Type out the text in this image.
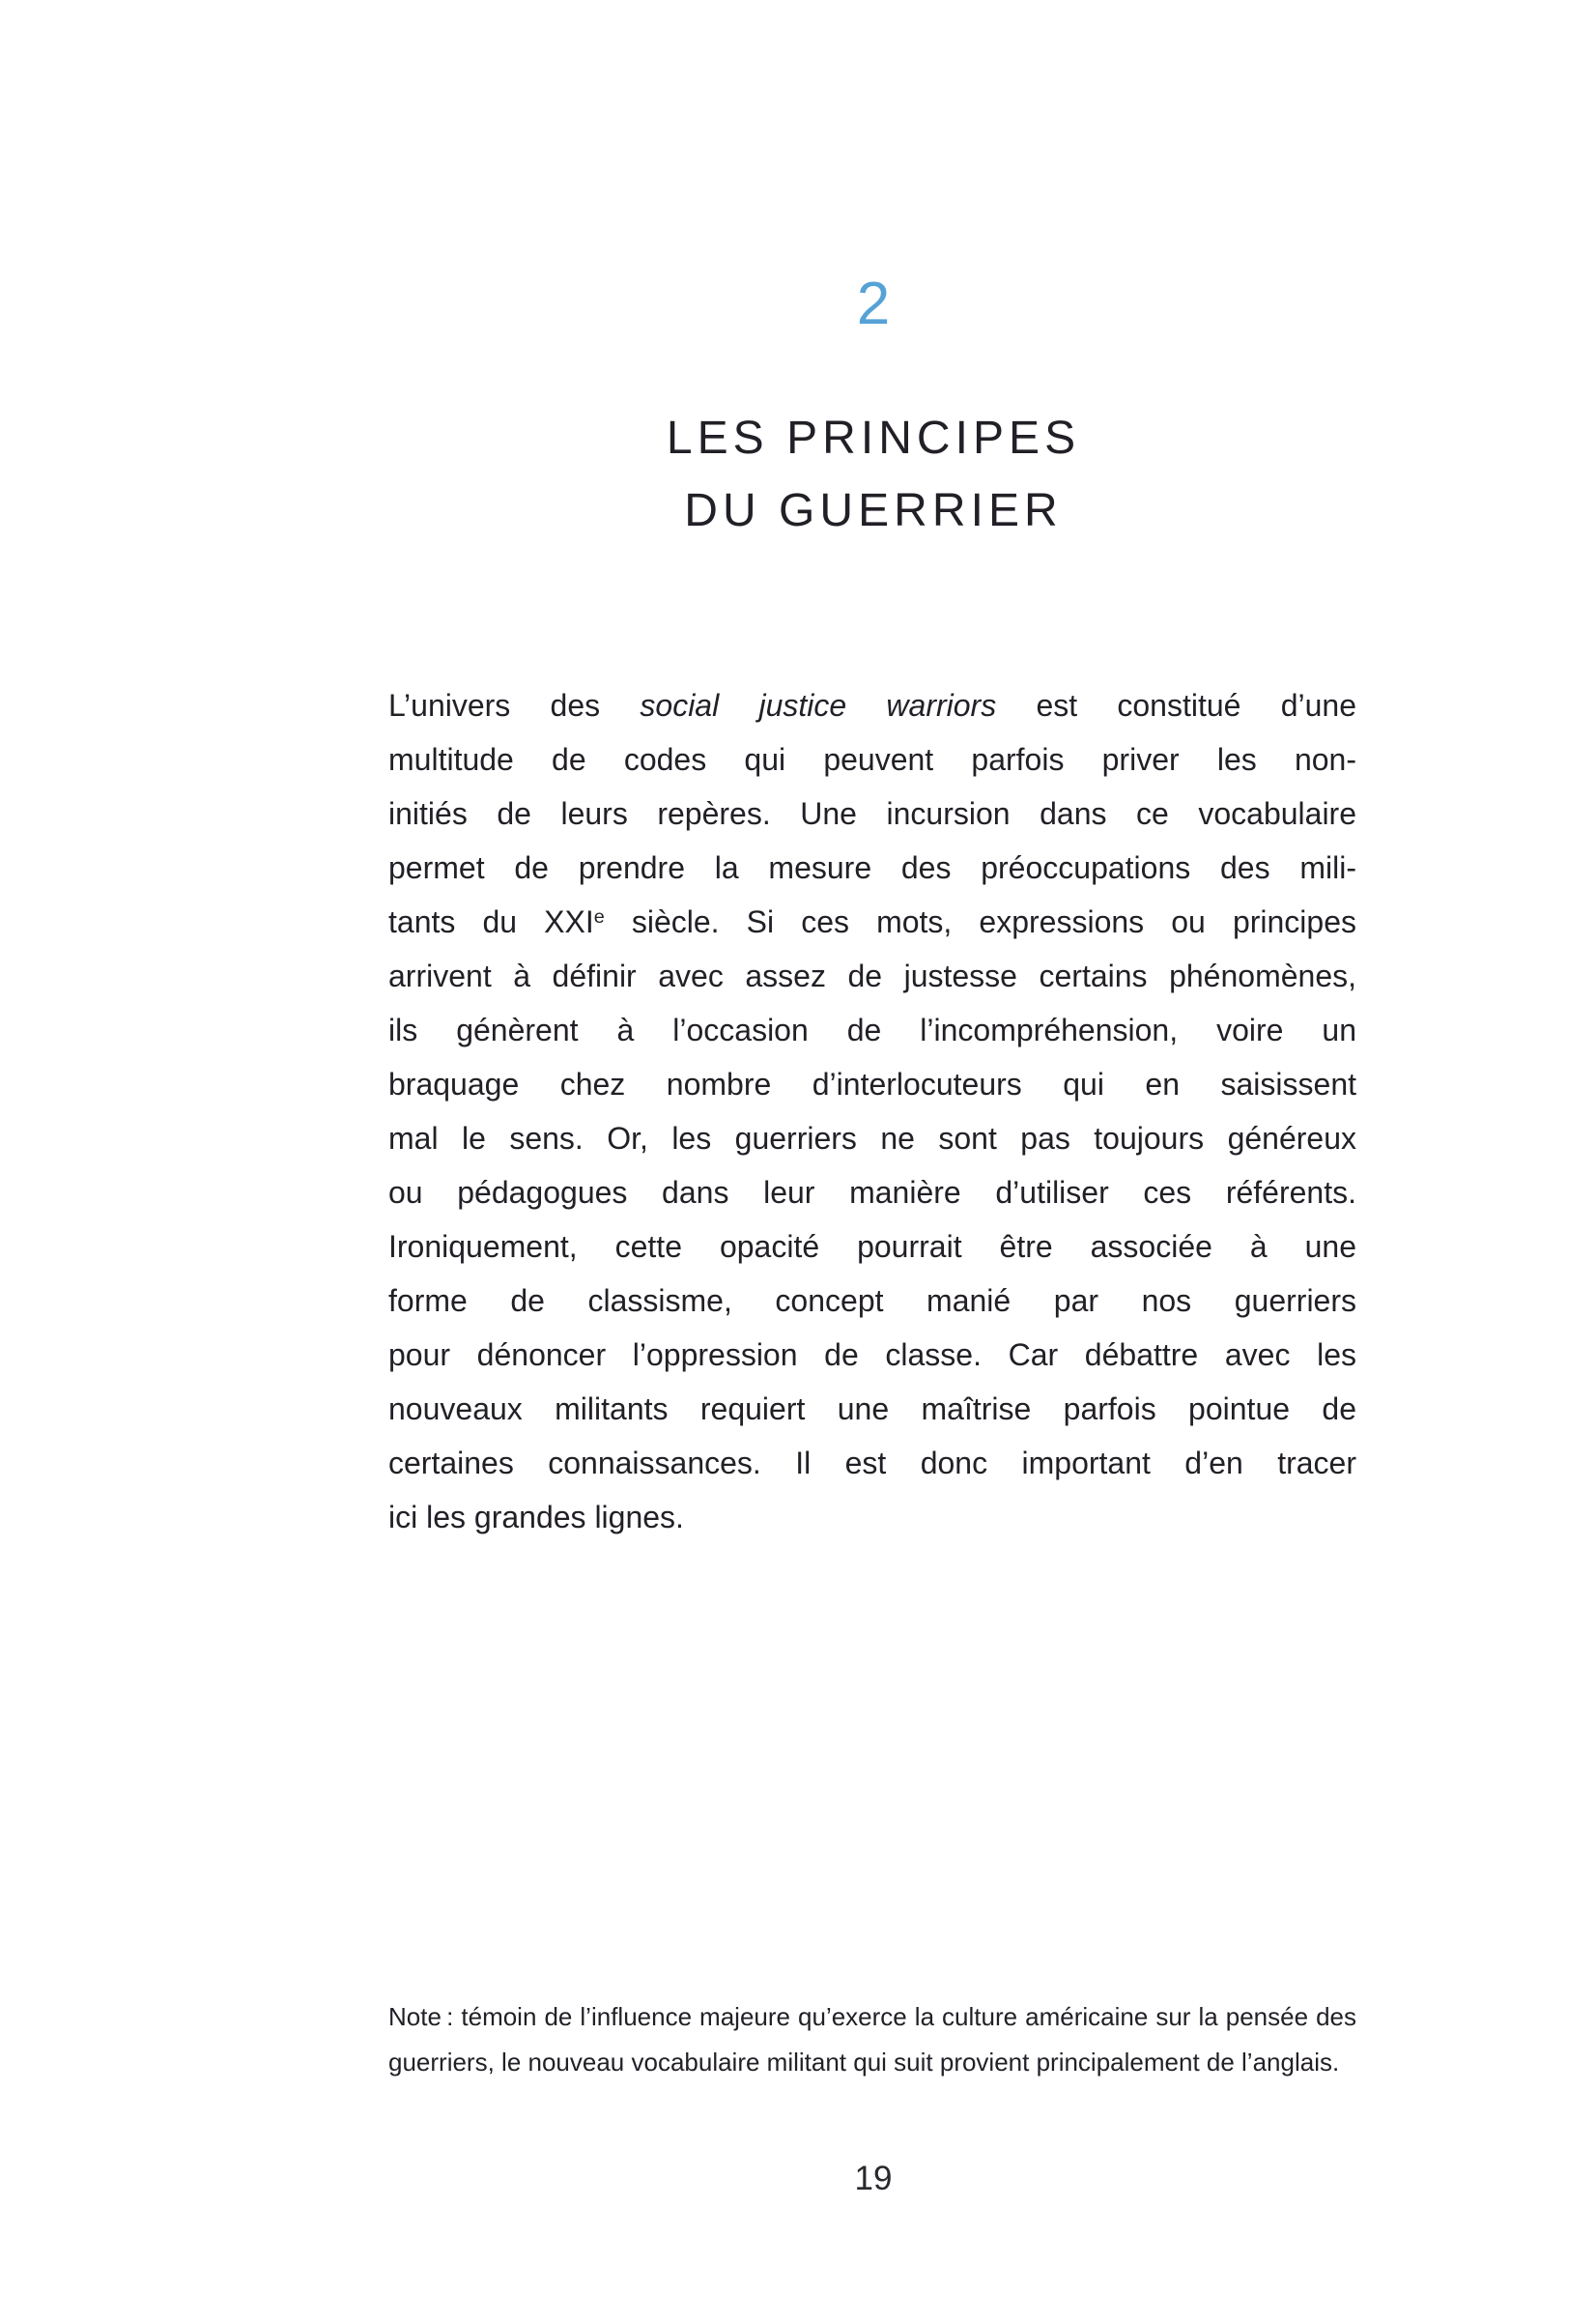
2
LES PRINCIPES
DU GUERRIER
L’univers des social justice warriors est constitué d’une
multitude de codes qui peuvent parfois priver les non-
initiés de leurs repères. Une incursion dans ce vocabulaire
permet de prendre la mesure des préoccupations des mili-
tants du XXIe siècle. Si ces mots, expressions ou principes
arrivent à définir avec assez de justesse certains phénomènes,
ils génèrent à l’occasion de l’incompréhension, voire un
braquage chez nombre d’interlocuteurs qui en saisissent
mal le sens. Or, les guerriers ne sont pas toujours généreux
ou pédagogues dans leur manière d’utiliser ces référents.
Ironiquement, cette opacité pourrait être associée à une
forme de classisme, concept manié par nos guerriers
pour dénoncer l’oppression de classe. Car débattre avec les
nouveaux militants requiert une maîtrise parfois pointue de
certaines connaissances. Il est donc important d’en tracer
ici les grandes lignes.
Note : témoin de l’influence majeure qu’exerce la culture américaine sur la pensée des
guerriers, le nouveau vocabulaire militant qui suit provient principalement de l’anglais.
19
